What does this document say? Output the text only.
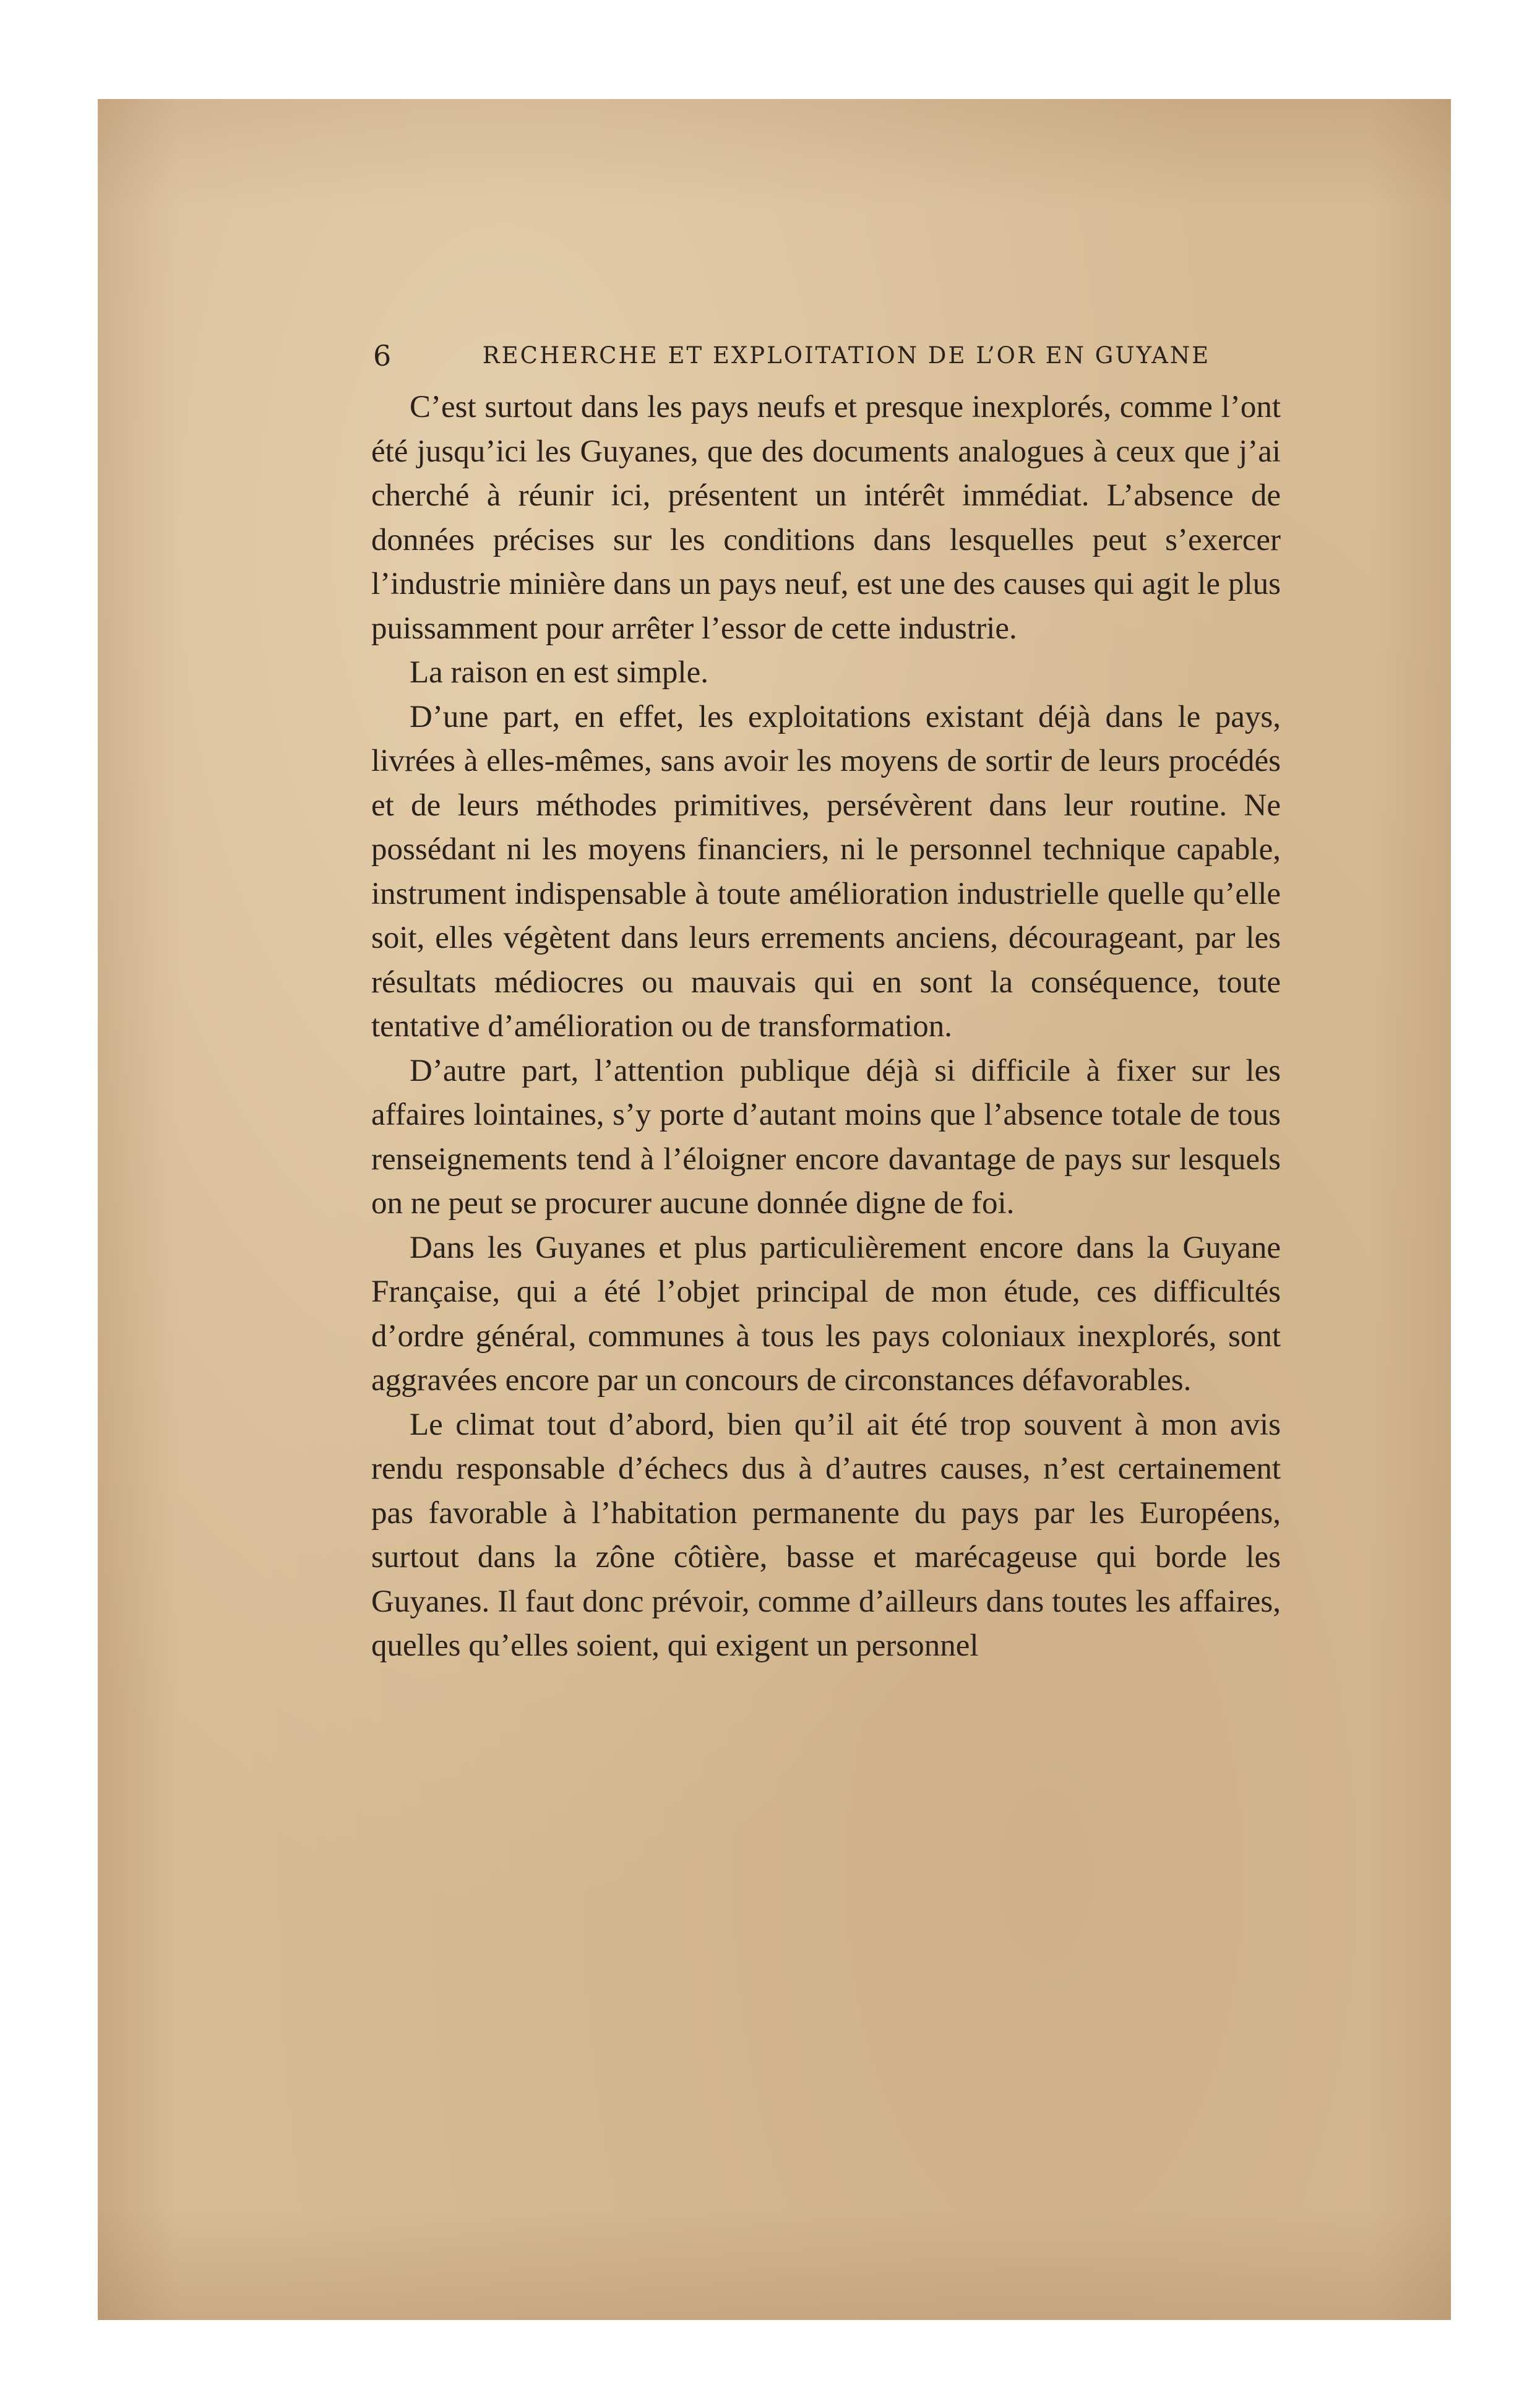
6	RECHERCHE ET EXPLOITATION DE L’OR EN GUYANE

C’est surtout dans les pays neufs et presque inexplorés, comme l’ont été jusqu’ici les Guyanes, que des documents analogues à ceux que j’ai cherché à réunir ici, présentent un intérêt immédiat. L’absence de données précises sur les conditions dans lesquelles peut s’exercer l’industrie minière dans un pays neuf, est une des causes qui agit le plus puissamment pour arrêter l’essor de cette industrie.

La raison en est simple.

D’une part, en effet, les exploitations existant déjà dans le pays, livrées à elles-mêmes, sans avoir les moyens de sortir de leurs procédés et de leurs méthodes primitives, persévèrent dans leur routine. Ne possédant ni les moyens financiers, ni le personnel technique capable, instrument indispensable à toute amélioration industrielle quelle qu’elle soit, elles végètent dans leurs errements anciens, décourageant, par les résultats médiocres ou mauvais qui en sont la conséquence, toute tentative d’amélioration ou de transformation.

D’autre part, l’attention publique déjà si difficile à fixer sur les affaires lointaines, s’y porte d’autant moins que l’absence totale de tous renseignements tend à l’éloigner encore davantage de pays sur lesquels on ne peut se procurer aucune donnée digne de foi.

Dans les Guyanes et plus particulièrement encore dans la Guyane Française, qui a été l’objet principal de mon étude, ces difficultés d’ordre général, communes à tous les pays coloniaux inexplorés, sont aggravées encore par un concours de circonstances défavorables.

Le climat tout d’abord, bien qu’il ait été trop souvent à mon avis rendu responsable d’échecs dus à d’autres causes, n’est certainement pas favorable à l’habitation permanente du pays par les Européens, surtout dans la zône côtière, basse et marécageuse qui borde les Guyanes. Il faut donc prévoir, comme d’ailleurs dans toutes les affaires, quelles qu’elles soient, qui exigent un personnel
